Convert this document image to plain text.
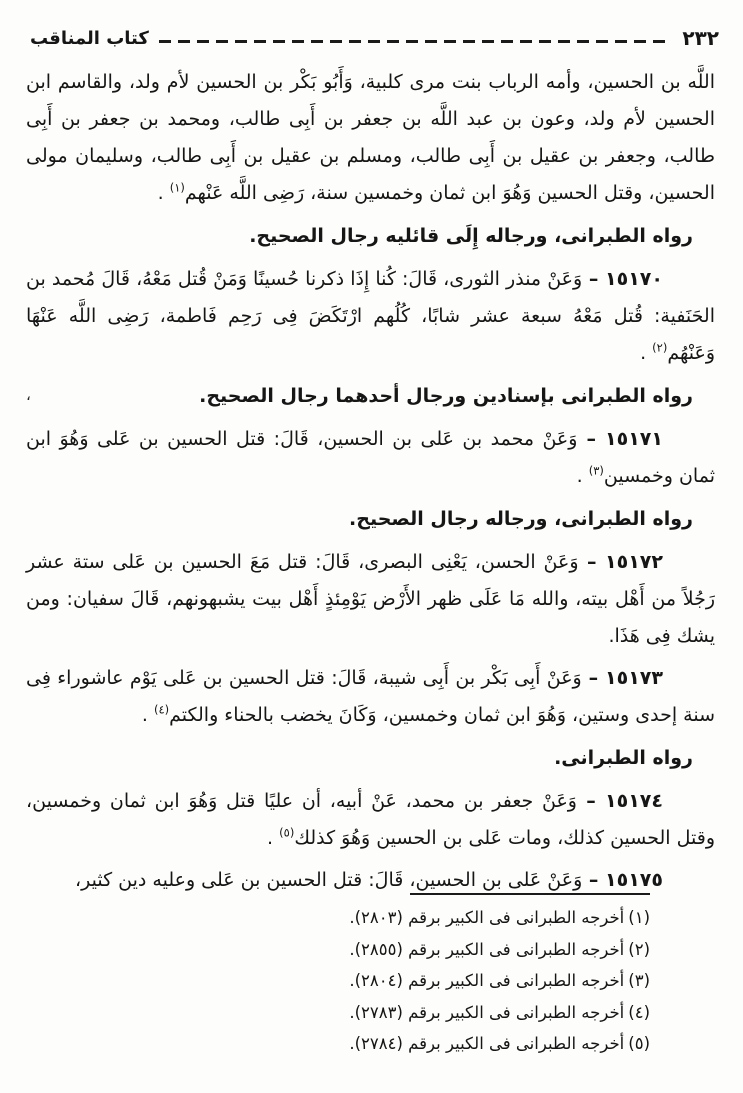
٢٣٢
كتاب المناقب

اللَّه بن الحسين، وأمه الرباب بنت مرى كلبية، وَأَبُو بَكْر بن الحسين لأم ولد، والقاسم ابن الحسين لأم ولد، وعون بن عبد اللَّه بن جعفر بن أَبِى طالب، ومحمد بن جعفر بن أَبِى طالب، وجعفر بن عقيل بن أَبِى طالب، ومسلم بن عقيل بن أَبِى طالب، وسليمان مولى الحسين، وقتل الحسين وَهُوَ ابن ثمان وخمسين سنة، رَضِى اللَّه عَنْهم$^{(١)}$ .

رواه الطبرانى، ورجاله إِلَى قائليه رجال الصحيح.

١٥١٧٠ – وَعَنْ منذر الثورى، قَالَ: كُنا إِذَا ذكرنا حُسينًا وَمَنْ قُتل مَعْهُ، قَالَ مُحمد بن الحَنَفية: قُتل مَعْهُ سبعة عشر شابًا، كُلُهم ارْتَكَضَ فِى رَحِم فَاطمة، رَضِى اللَّه عَنْهَا وَعَنْهُم$^{(٢)}$ .

رواه الطبرانى بإسنادين ورجال أحدهما رجال الصحيح.

١٥١٧١ – وَعَنْ محمد بن عَلى بن الحسين، قَالَ: قتل الحسين بن عَلى وَهُوَ ابن ثمان وخمسين$^{(٣)}$ .

رواه الطبرانى، ورجاله رجال الصحيح.

١٥١٧٢ – وَعَنْ الحسن، يَعْنِى البصرى، قَالَ: قتل مَعَ الحسين بن عَلى ستة عشر رَجُلاً من أَهْل بيته، والله مَا عَلَى ظهر الأَرْض يَوْمِئذٍ أَهْل بيت يشبهونهم، قَالَ سفيان: ومن يشك فِى هَذَا.

١٥١٧٣ – وَعَنْ أَبِى بَكْر بن أَبِى شيبة، قَالَ: قتل الحسين بن عَلى يَوْم عاشوراء فِى سنة إحدى وستين، وَهُوَ ابن ثمان وخمسين، وَكَانَ يخضب بالحناء والكتم$^{(٤)}$ .

رواه الطبرانى.

١٥١٧٤ – وَعَنْ جعفر بن محمد، عَنْ أبيه، أن عليًا قتل وَهُوَ ابن ثمان وخمسين، وقتل الحسين كذلك، ومات عَلى بن الحسين وَهُوَ كذلك$^{(٥)}$ .

١٥١٧٥ – وَعَنْ عَلى بن الحسين، قَالَ: قتل الحسين بن عَلى وعليه دين كثير،

،
(١)أخرجه الطبرانى فى الكبير برقم (٢٨٠٣).
(٢)أخرجه الطبرانى فى الكبير برقم (٢٨٥٥).
(٣)أخرجه الطبرانى فى الكبير برقم (٢٨٠٤).
(٤)أخرجه الطبرانى فى الكبير برقم (٢٧٨٣).
(٥)أخرجه الطبرانى فى الكبير برقم (٢٧٨٤).
